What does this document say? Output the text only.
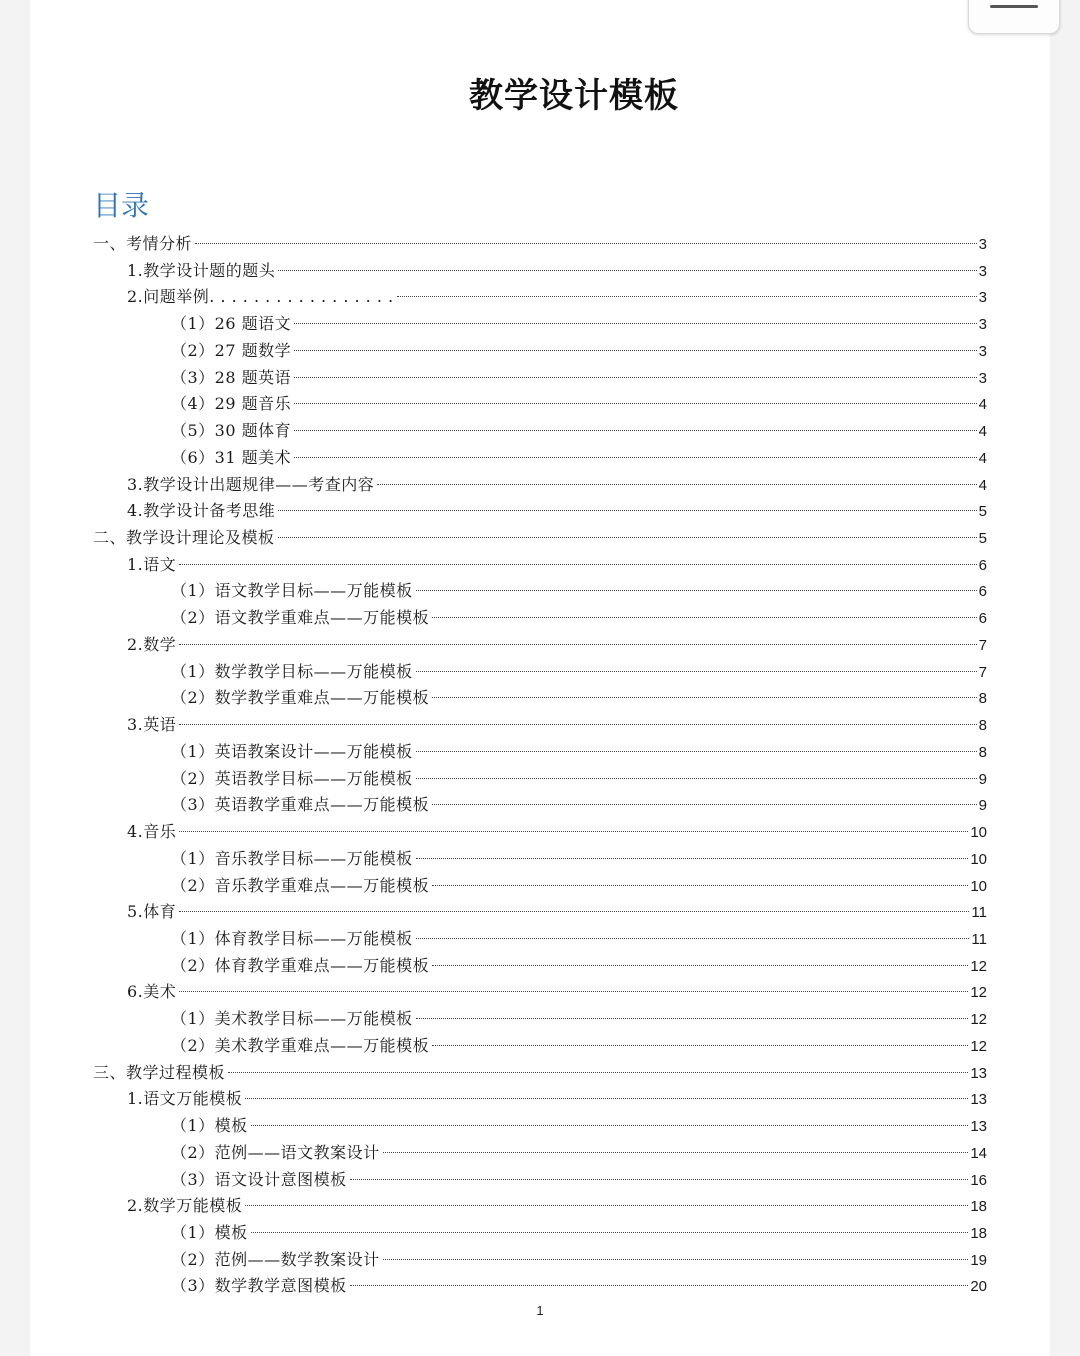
教学设计模板
目录
一、考情分析	3
1.教学设计题的题头	3
2.问题举例. . . . . . . . . . . . . . . . .	3
（1）26 题语文	3
（2）27 题数学	3
（3）28 题英语	3
（4）29 题音乐	4
（5）30 题体育	4
（6）31 题美术	4
3.教学设计出题规律——考查内容	4
4.教学设计备考思维	5
二、教学设计理论及模板	5
1.语文	6
（1）语文教学目标——万能模板	6
（2）语文教学重难点——万能模板	6
2.数学	7
（1）数学教学目标——万能模板	7
（2）数学教学重难点——万能模板	8
3.英语	8
（1）英语教案设计——万能模板	8
（2）英语教学目标——万能模板	9
（3）英语教学重难点——万能模板	9
4.音乐	10
（1）音乐教学目标——万能模板	10
（2）音乐教学重难点——万能模板	10
5.体育	11
（1）体育教学目标——万能模板	11
（2）体育教学重难点——万能模板	12
6.美术	12
（1）美术教学目标——万能模板	12
（2）美术教学重难点——万能模板	12
三、教学过程模板	13
1.语文万能模板	13
（1）模板	13
（2）范例——语文教案设计	14
（3）语文设计意图模板	16
2.数学万能模板	18
（1）模板	18
（2）范例——数学教案设计	19
（3）数学教学意图模板	20
1
